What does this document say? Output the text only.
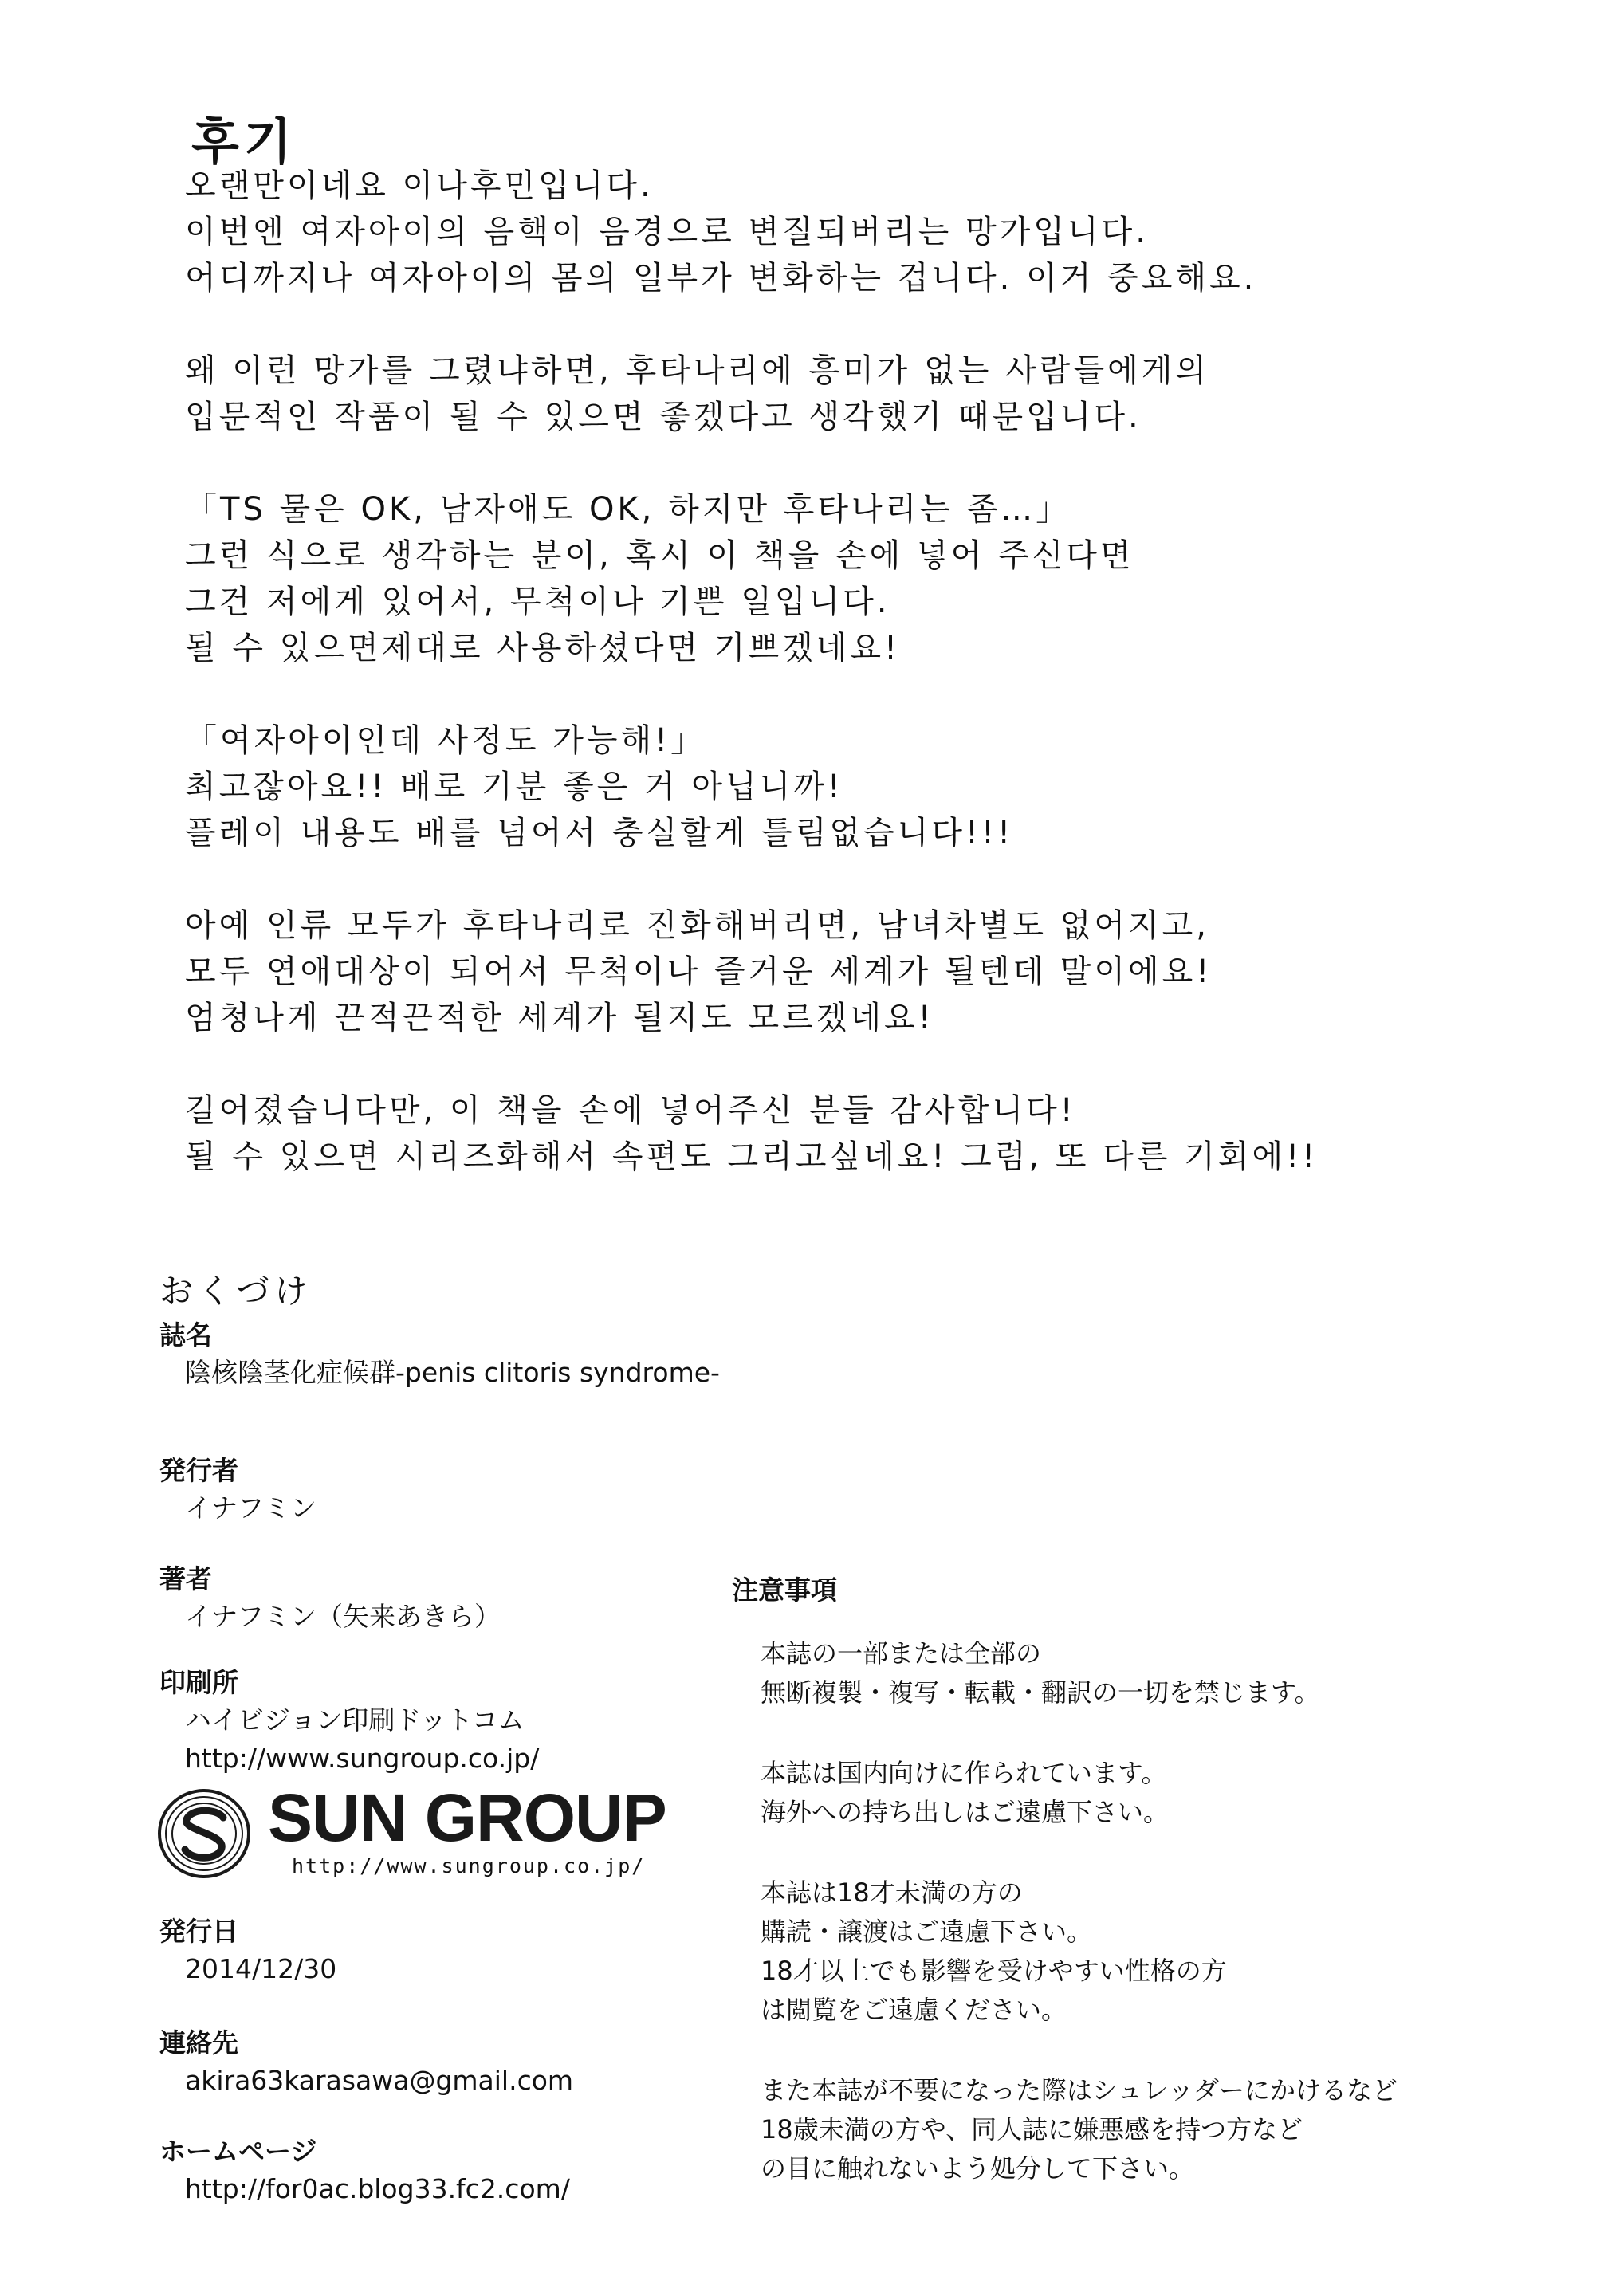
후기
오랜만이네요 이나후민입니다.
이번엔 여자아이의 음핵이 음경으로 변질되버리는 망가입니다.
어디까지나 여자아이의 몸의 일부가 변화하는 겁니다. 이거 중요해요.
왜 이런 망가를 그렸냐하면, 후타나리에 흥미가 없는 사람들에게의
입문적인 작품이 될 수 있으면 좋겠다고 생각했기 때문입니다.
「TS 물은 OK, 남자애도 OK, 하지만 후타나리는 좀…」
그런 식으로 생각하는 분이, 혹시 이 책을 손에 넣어 주신다면
그건 저에게 있어서, 무척이나 기쁜 일입니다.
될 수 있으면제대로 사용하셨다면 기쁘겠네요!
「여자아이인데 사정도 가능해!」
최고잖아요!! 배로 기분 좋은 거 아닙니까!
플레이 내용도 배를 넘어서 충실할게 틀림없습니다!!!
아예 인류 모두가 후타나리로 진화해버리면, 남녀차별도 없어지고,
모두 연애대상이 되어서 무척이나 즐거운 세계가 될텐데 말이에요!
엄청나게 끈적끈적한 세계가 될지도 모르겠네요!
길어졌습니다만, 이 책을 손에 넣어주신 분들 감사합니다!
될 수 있으면 시리즈화해서 속편도 그리고싶네요! 그럼, 또 다른 기회에!!
おくづけ
誌名
陰核陰茎化症候群-penis clitoris syndrome-
発行者
イナフミン
著者
イナフミン（矢来あきら）
印刷所
ハイビジョン印刷ドットコム
http://www.sungroup.co.jp/
SUN GROUP
http://www.sungroup.co.jp/
発行日
2014/12/30
連絡先
akira63karasawa@gmail.com
ホームページ
http://for0ac.blog33.fc2.com/
注意事項
本誌の一部または全部の
無断複製・複写・転載・翻訳の一切を禁じます。
本誌は国内向けに作られています。
海外への持ち出しはご遠慮下さい。
本誌は18才未満の方の
購読・譲渡はご遠慮下さい。
18才以上でも影響を受けやすい性格の方
は閲覧をご遠慮ください。
また本誌が不要になった際はシュレッダーにかけるなど
18歳未満の方や、同人誌に嫌悪感を持つ方など
の目に触れないよう処分して下さい。
